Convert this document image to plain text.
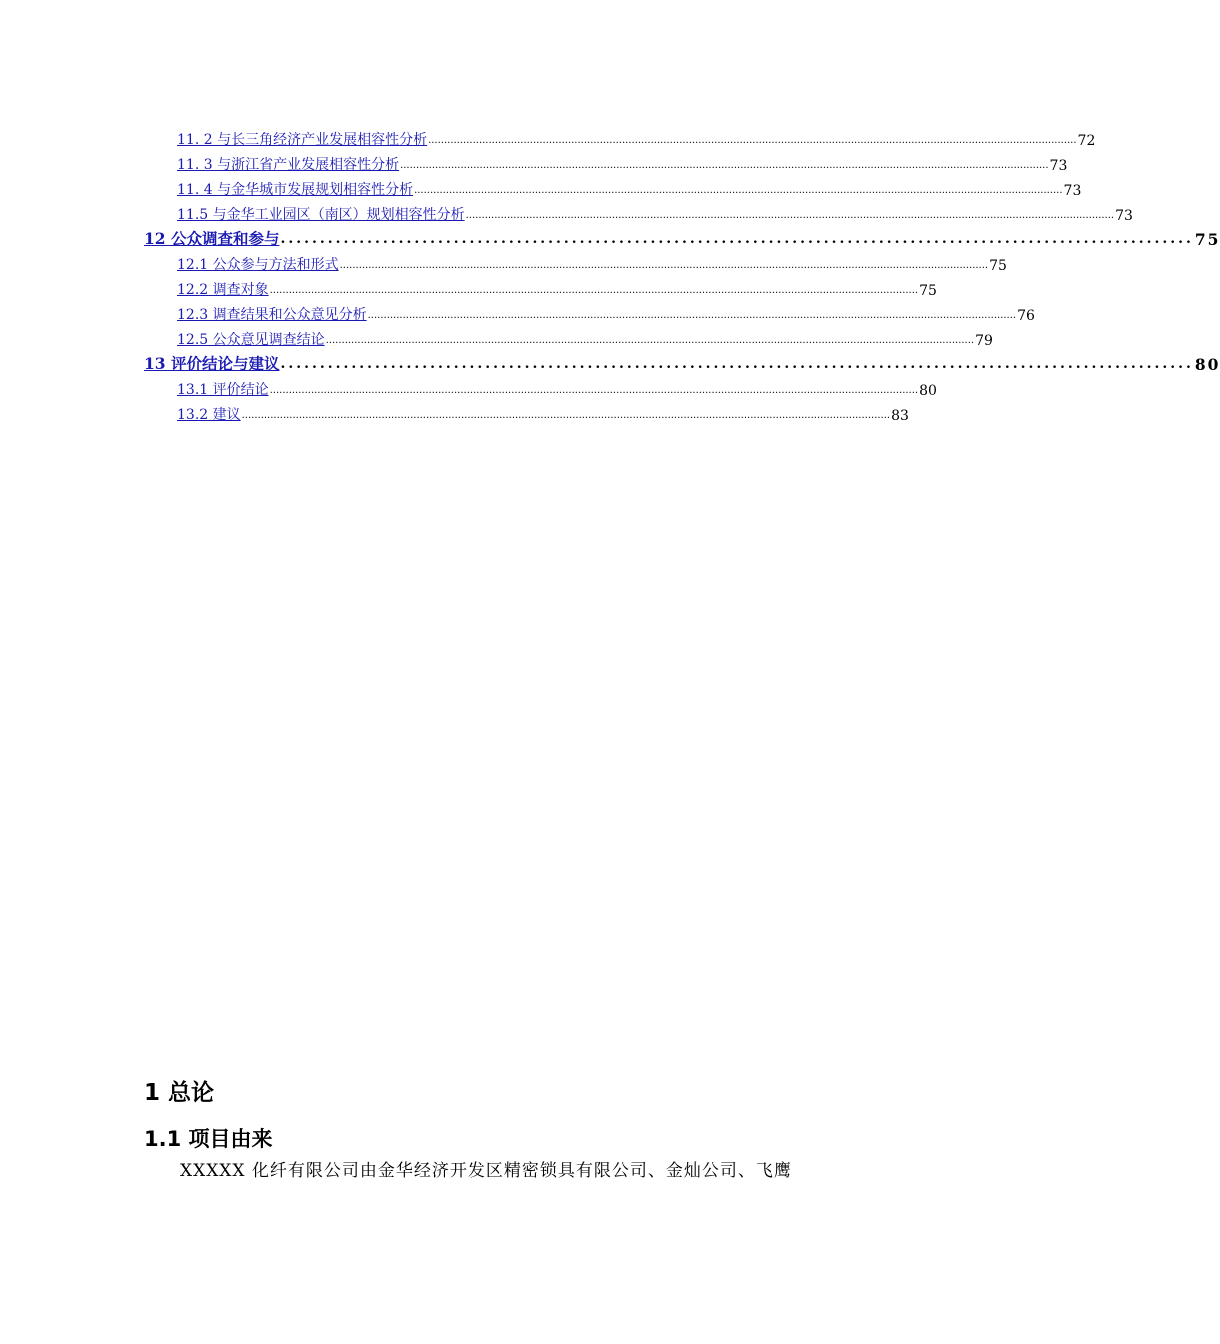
11. 2 与长三角经济产业发展相容性分析 ............................................................................................................................................................................................................ 72
11. 3 与浙江省产业发展相容性分析 ............................................................................................................................................................................................................ 73
11. 4 与金华城市发展规划相容性分析 ............................................................................................................................................................................................................ 73
11.5 与金华工业园区（南区）规划相容性分析 ............................................................................................................................................................................................................ 73
12 公众调查和参与 .................................................................................................................... 75
12.1 公众参与方法和形式 ............................................................................................................................................................................................................ 75
12.2 调查对象 ............................................................................................................................................................................................................ 75
12.3 调查结果和公众意见分析 ............................................................................................................................................................................................................ 76
12.5 公众意见调查结论 ............................................................................................................................................................................................................ 79
13 评价结论与建议 .................................................................................................................... 80
13.1 评价结论 ............................................................................................................................................................................................................ 80
13.2 建议 ............................................................................................................................................................................................................ 83
1 总论
1.1 项目由来
XXXXX 化纤有限公司由金华经济开发区精密锁具有限公司、金灿公司、飞鹰
